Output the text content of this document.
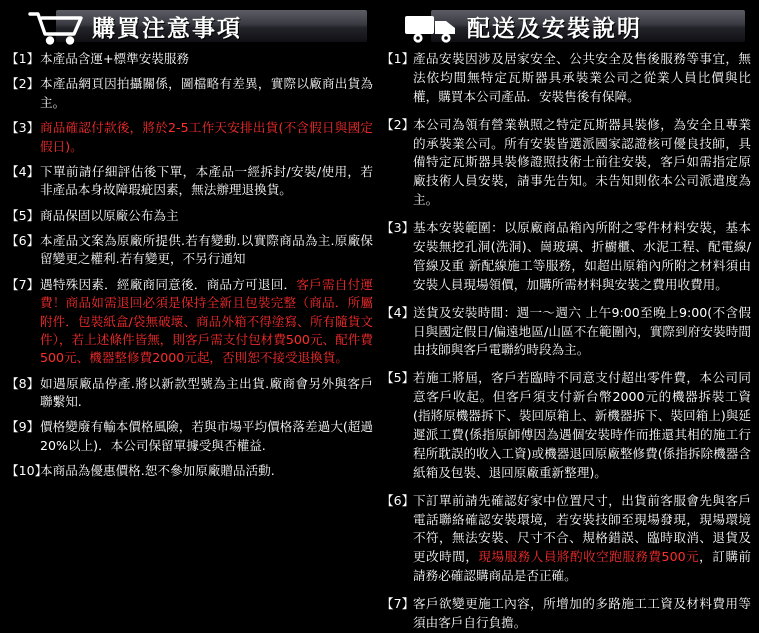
購買注意事項
【1】 本產品含運+標準安裝服務
【2】 本產品網頁因拍攝關係，圖檔略有差異，實際以廠商出貨為主。
【3】 商品確認付款後，將於2-5工作天安排出貨(不含假日與國定假日)。
【4】 下單前請仔細評估後下單，本產品一經拆封/安裝/使用，若非產品本身故障瑕疵因素，無法辦理退換貨。
【5】 商品保固以原廠公布為主
【6】 本產品文案為原廠所提供.若有變動.以實際商品為主.原廠保留變更之權利.若有變更，不另行通知
【7】 遇特殊因素．經廠商同意後．商品方可退回．客戶需自付運費！商品如需退回必須是保持全新且包裝完整（商品．所屬附件．包裝紙盒/袋無破壞、商品外箱不得塗寫、所有隨貨文件），若上述條件皆無，則客戶需支付包材費500元、配件費500元、機器整修費2000元起，否則恕不接受退換貨。
【8】 如遇原廠品停產.將以新款型號為主出貨.廠商會另外與客戶聯繫知.
【9】 價格變廢有輸本價格風險，若與市場平均價格落差過大(超過20%以上)．本公司保留單據受與否權益.
【10】
本商品為優惠價格.恕不參加原廠贈品活動.
配送及安裝說明
【1】
產品安裝因涉及居家安全、公共安全及售後服務等事宜，無法依均間無特定瓦斯器具承裝業公司之從業人員比價與比權，購買本公司產品．安裝售後有保障。
【2】
本公司為領有營業執照之特定瓦斯器具裝修，為安全且專業的承裝業公司。所有安裝皆選派國家認證核可優良技師，具備特定瓦斯器具裝修證照技術士前往安裝，客戶如需指定原廠技術人員安裝，請事先告知。未告知則依本公司派遣度為主。
【3】
基本安裝範圍：以原廠商品箱內所附之零件材料安裝，基本安裝無挖孔洞(洗洞)、崗玻璃、折櫥櫃、水泥工程、配電線/管線及重 新配線施工等服務，如超出原箱內所附之材料須由安裝人員現場領價，加購所需材料與安裝之費用收費用。
【4】
送貨及安裝時間：週一～週六 上午9:00至晚上9:00(不含假日與國定假日/偏遠地區/山區不在範圍內，實際到府安裝時間由技師與客戶電聯約時段為主。
【5】
若施工將屆，客戶若臨時不同意支付超出零件費，本公司同意客戶收起。但客戶須支付新台幣2000元的機器拆裝工資(指將原機器拆下、裝回原箱上、新機器拆下、裝回箱上)與延遲派工費(係指原師傅因為遇個安裝時作而推還其相的施工行程所耽誤的收入工資)或機器退回原廠整修費(係指拆除機器含紙箱及包裝、退回原廠重新整理)。
【6】
下訂單前請先確認好家中位置尺寸，出貨前客服會先與客戶電話聯絡確認安裝環境，若安裝技師至現場發現，現場環境不符，無法安裝、尺寸不合、規格錯誤、臨時取消、退貨及更改時間，現場服務人員將酌收空跑服務費500元，訂購前請務必確認購商品是否正確。
【7】
客戶欲變更施工內容，所增加的多路施工工資及材料費用等須由客戶自行負擔。
